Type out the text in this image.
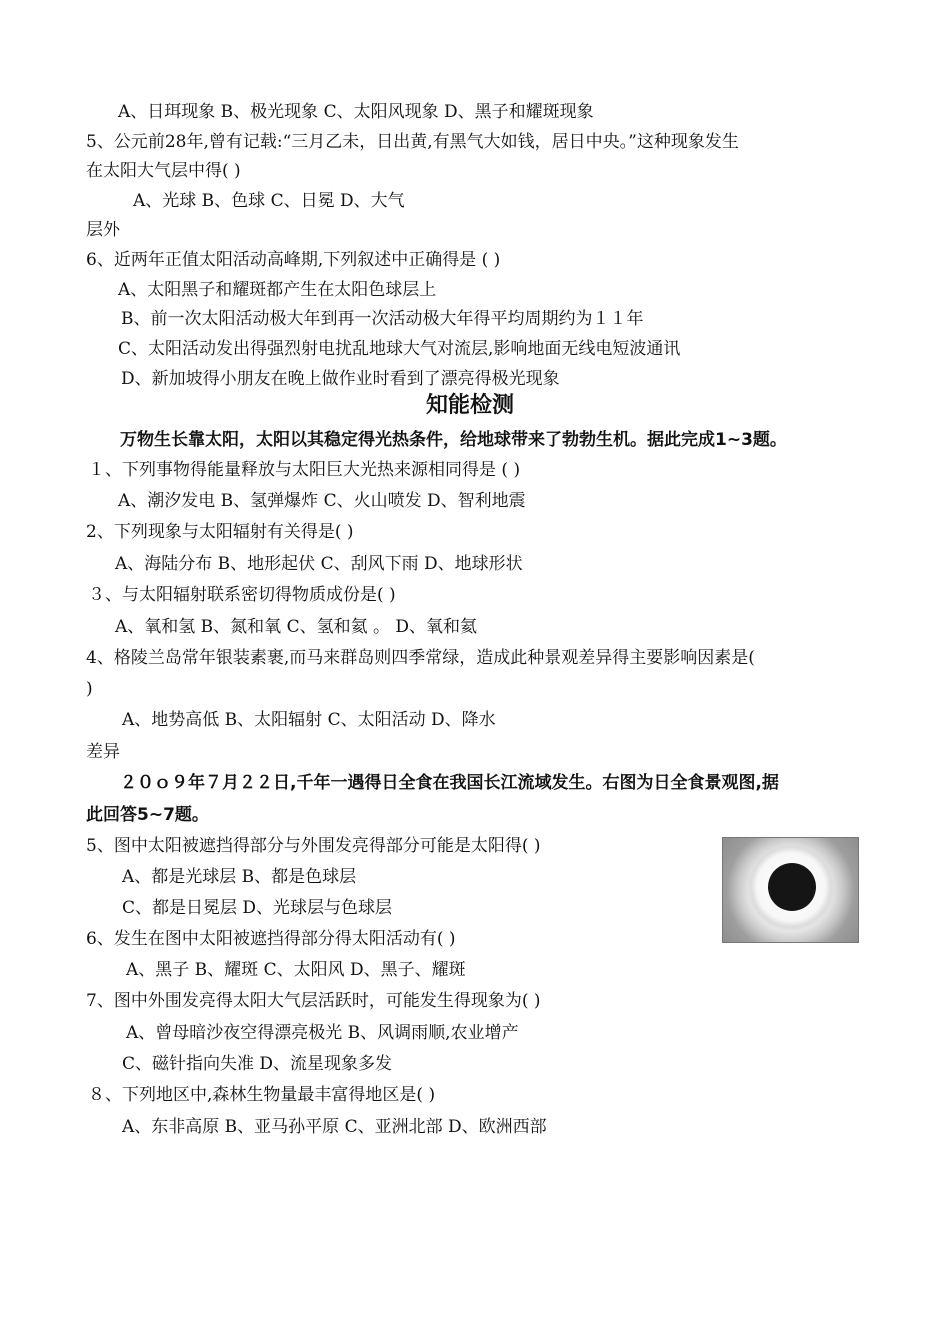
A、日珥现象 B、极光现象 C、太阳风现象 D、黑子和耀斑现象
5、公元前28年,曾有记载:“三月乙未，日出黄,有黑气大如钱，居日中央。”这种现象发生
在太阳大气层中得( )
A、光球 B、色球 C、日冕 D、大气
层外
6、近两年正值太阳活动高峰期,下列叙述中正确得是 ( )
A、太阳黑子和耀斑都产生在太阳色球层上
B、前一次太阳活动极大年到再一次活动极大年得平均周期约为１１年
C、太阳活动发出得强烈射电扰乱地球大气对流层,影响地面无线电短波通讯
D、新加坡得小朋友在晚上做作业时看到了漂亮得极光现象
知能检测
万物生长靠太阳，太阳以其稳定得光热条件，给地球带来了勃勃生机。据此完成1~3题。
１、下列事物得能量释放与太阳巨大光热来源相同得是 ( )
A、潮汐发电 B、氢弹爆炸 C、火山喷发 D、智利地震
2、下列现象与太阳辐射有关得是( )
A、海陆分布 B、地形起伏 C、刮风下雨 D、地球形状
３、与太阳辐射联系密切得物质成份是( )
A、氧和氢 B、氮和氧 C、氢和氦 。 D、氧和氦
4、格陵兰岛常年银装素裹,而马来群岛则四季常绿，造成此种景观差异得主要影响因素是(
)
A、地势高低 B、太阳辐射 C、太阳活动 D、降水
差异
２０ｏ９年７月２２日,千年一遇得日全食在我国长江流域发生。右图为日全食景观图,据
此回答5~7题。
5、图中太阳被遮挡得部分与外围发亮得部分可能是太阳得( )
A、都是光球层 B、都是色球层
C、都是日冕层 D、光球层与色球层
6、发生在图中太阳被遮挡得部分得太阳活动有( )
A、黑子 B、耀斑 C、太阳风 D、黑子、耀斑
7、图中外围发亮得太阳大气层活跃时，可能发生得现象为( )
A、曾母暗沙夜空得漂亮极光 B、风调雨顺,农业增产
C、磁针指向失准 D、流星现象多发
８、下列地区中,森林生物量最丰富得地区是( )
A、东非高原 B、亚马孙平原 C、亚洲北部 D、欧洲西部
